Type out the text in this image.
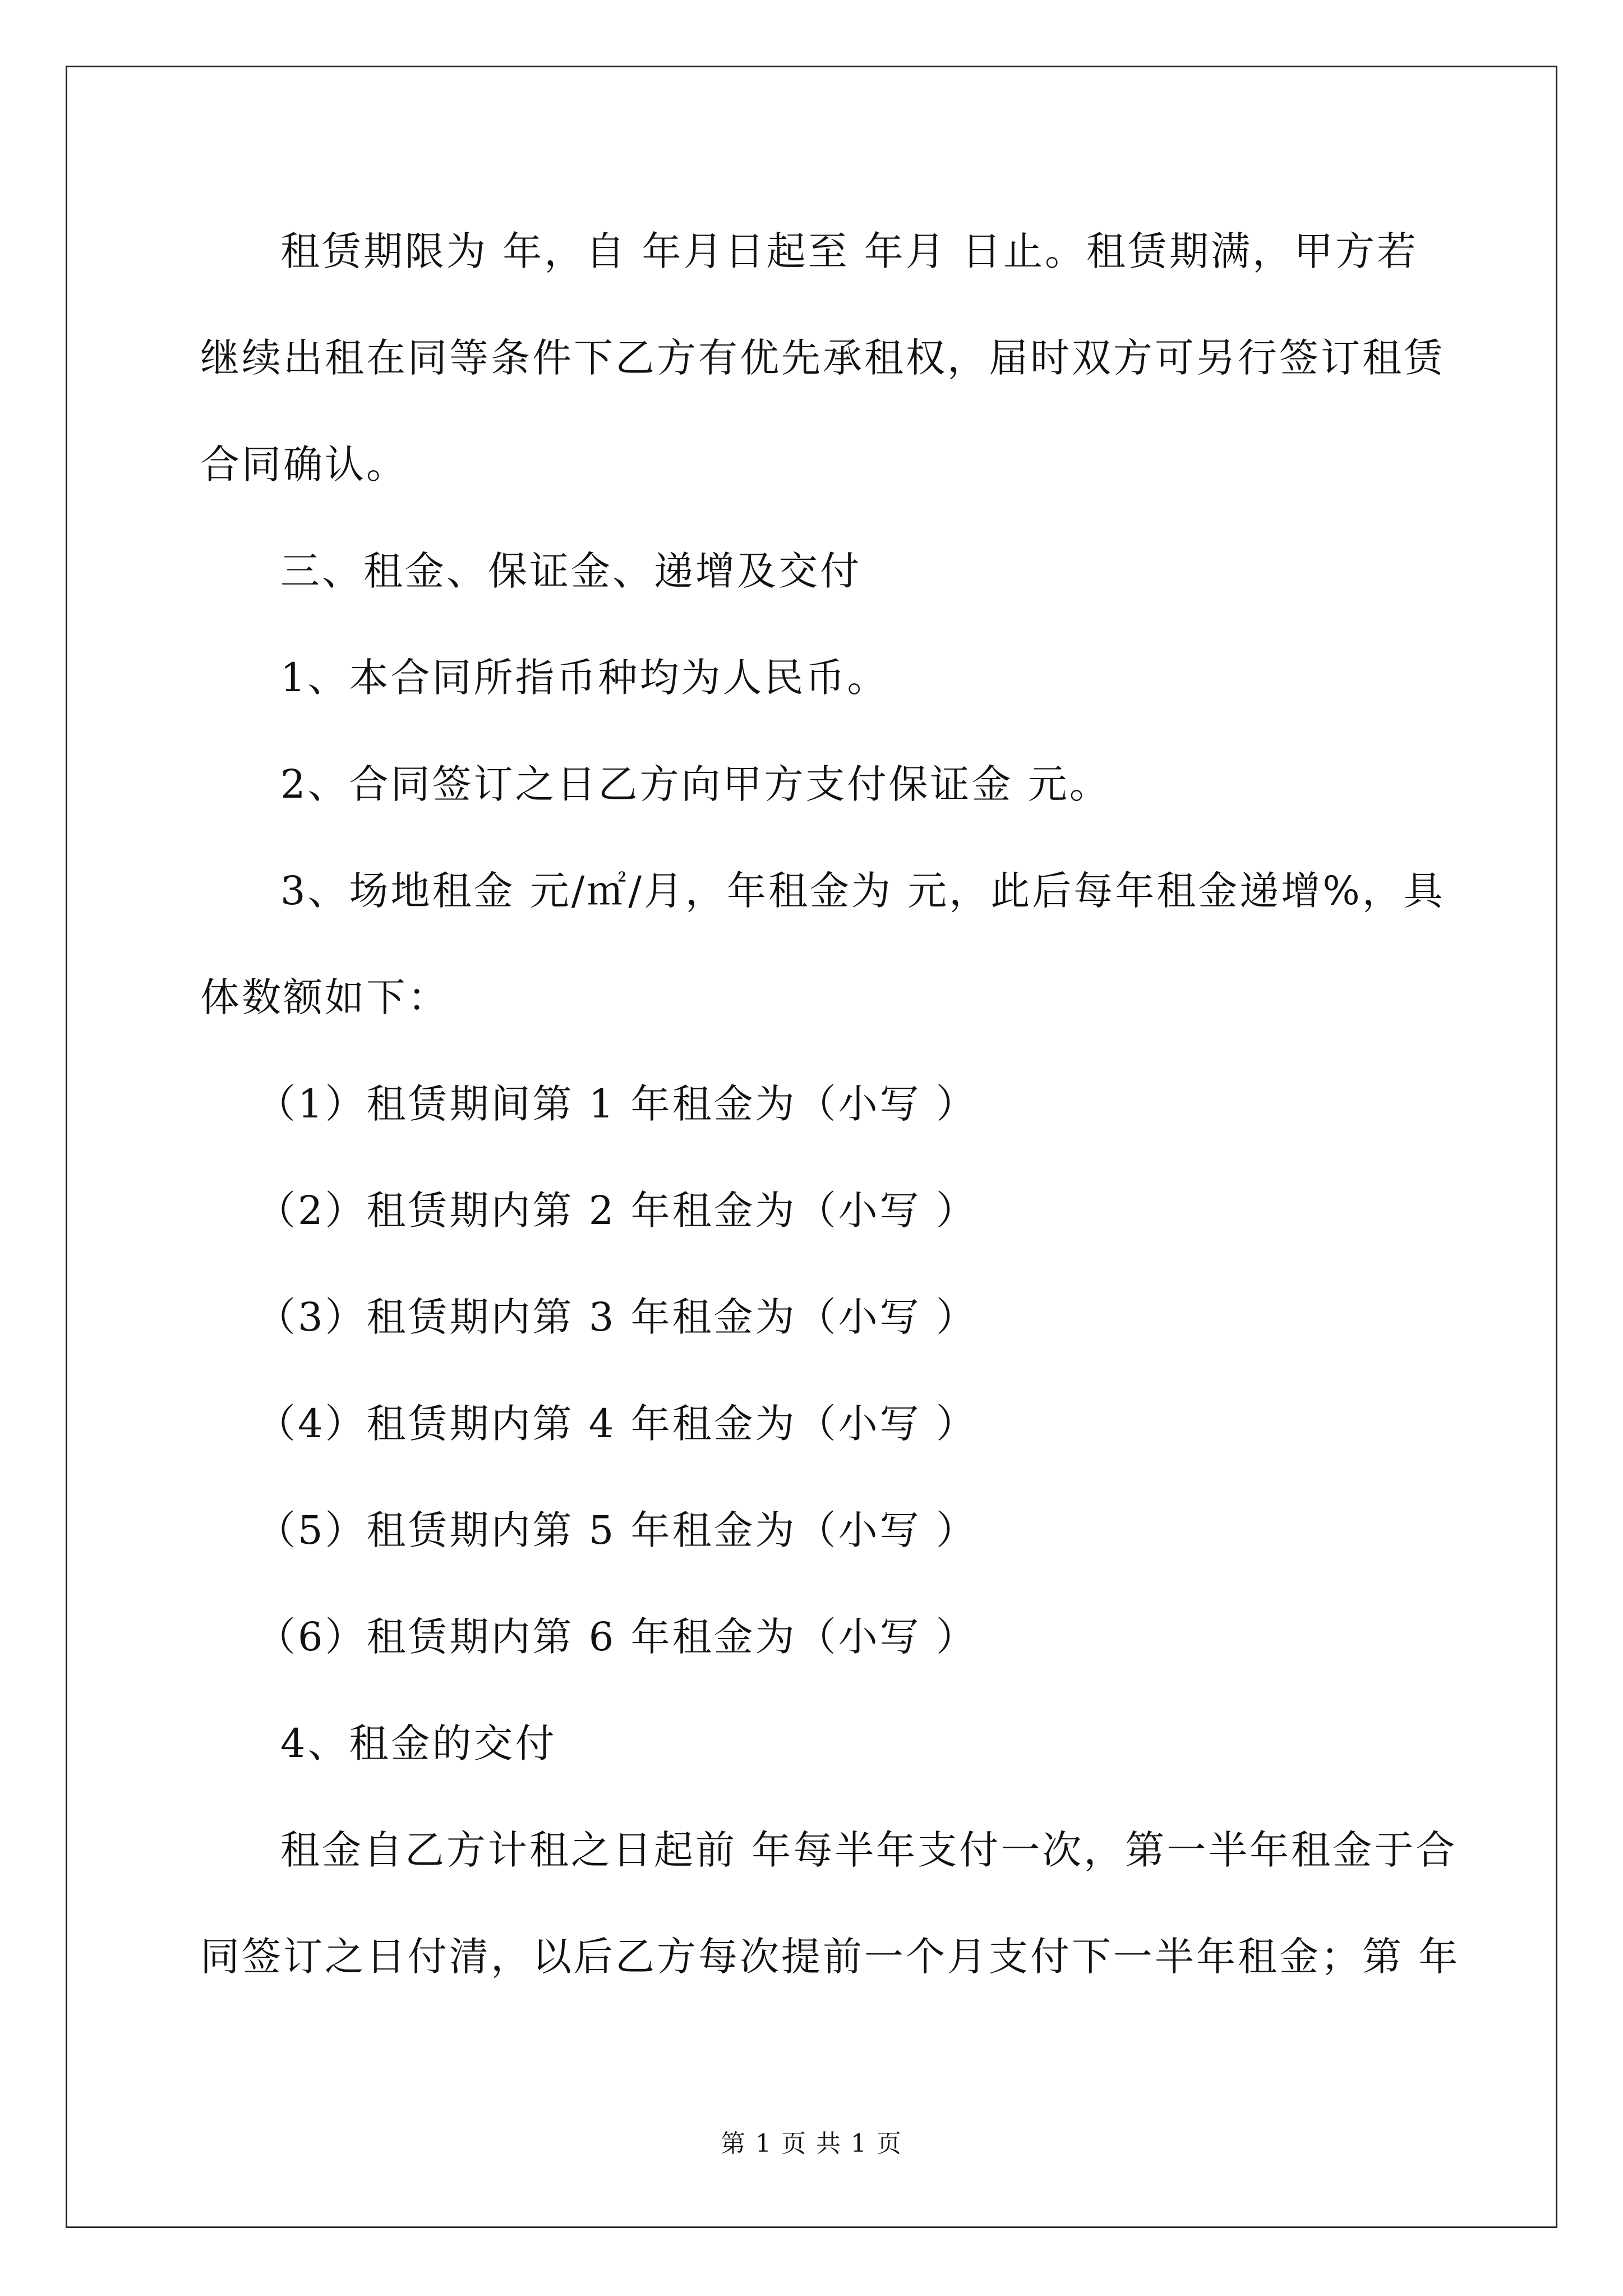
租赁期限为 年，自 年月日起至 年月 日止。租赁期满，甲方若

继续出租在同等条件下乙方有优先承租权，届时双方可另行签订租赁

合同确认。

三、租金、保证金、递增及交付

1、本合同所指币种均为人民币。

2、合同签订之日乙方向甲方支付保证金 元。

3、场地租金 元/㎡/月，年租金为 元，此后每年租金递增%，具

体数额如下：

（1）租赁期间第 1 年租金为（小写 ）

（2）租赁期内第 2 年租金为（小写 ）

（3）租赁期内第 3 年租金为（小写 ）

（4）租赁期内第 4 年租金为（小写 ）

（5）租赁期内第 5 年租金为（小写 ）

（6）租赁期内第 6 年租金为（小写 ）

4、租金的交付

租金自乙方计租之日起前 年每半年支付一次，第一半年租金于合

同签订之日付清，以后乙方每次提前一个月支付下一半年租金；第 年

第 1 页 共 1 页
